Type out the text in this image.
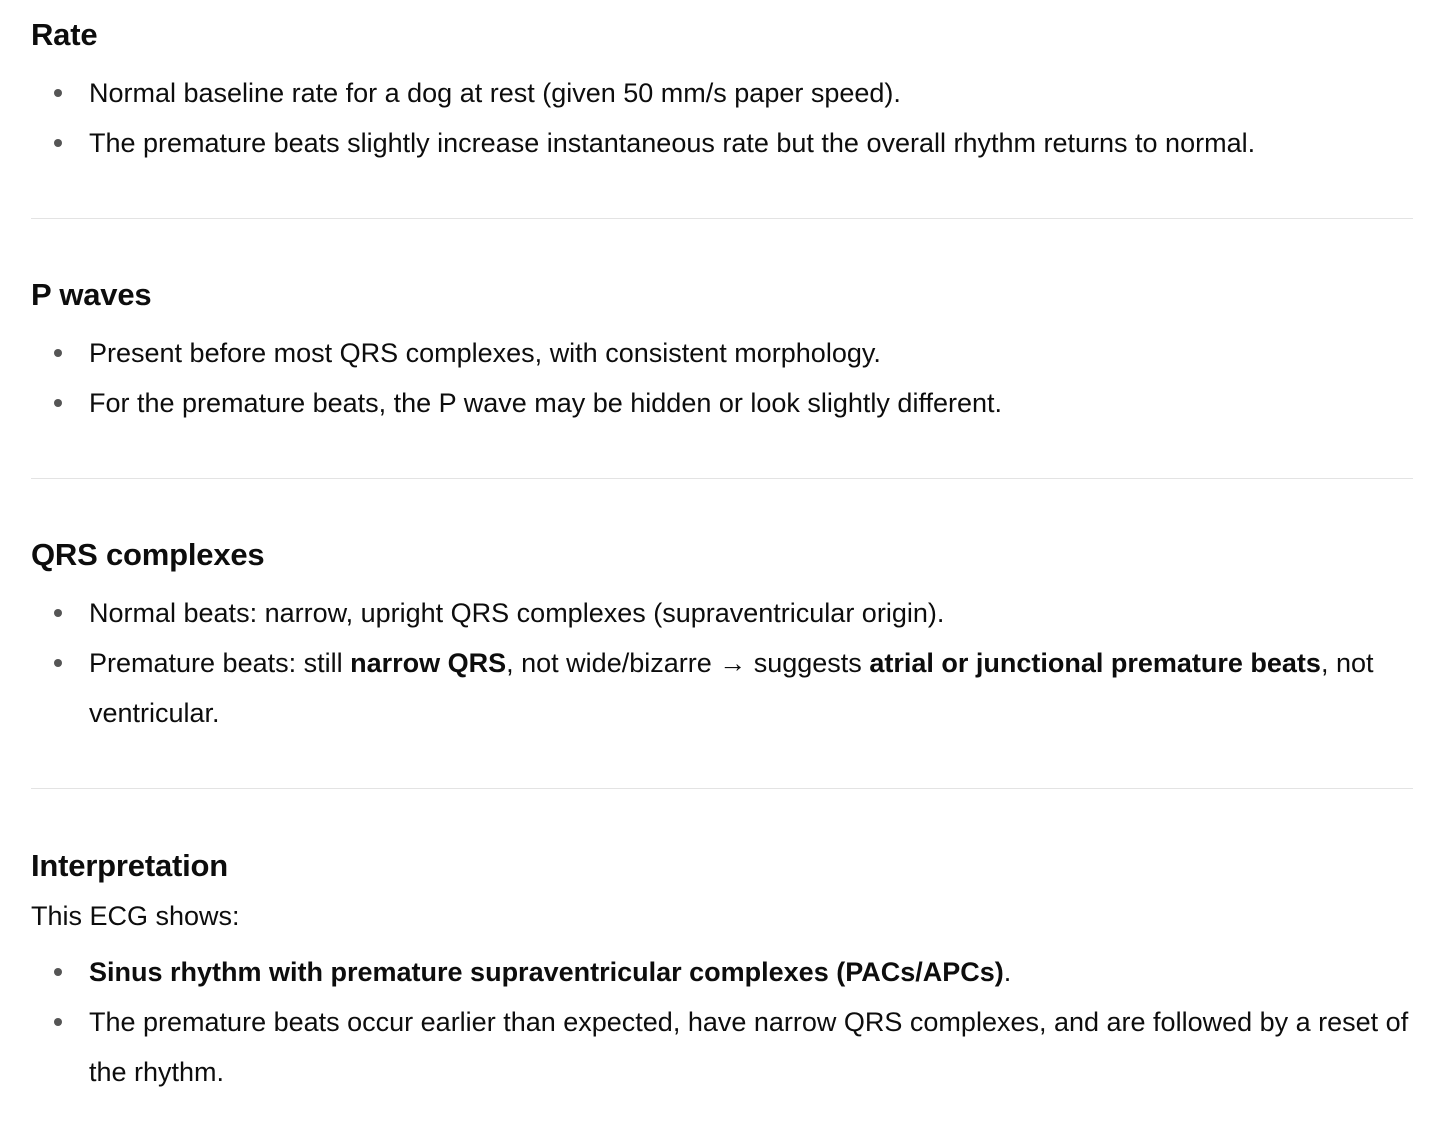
Rate
Normal baseline rate for a dog at rest (given 50 mm/s paper speed).
The premature beats slightly increase instantaneous rate but the overall rhythm returns to normal.
P waves
Present before most QRS complexes, with consistent morphology.
For the premature beats, the P wave may be hidden or look slightly different.
QRS complexes
Normal beats: narrow, upright QRS complexes (supraventricular origin).
Premature beats: still narrow QRS, not wide/bizarre → suggests atrial or junctional premature beats, not ventricular.
Interpretation

This ECG shows:

Sinus rhythm with premature supraventricular complexes (PACs/APCs).
The premature beats occur earlier than expected, have narrow QRS complexes, and are followed by a reset of the rhythm.
